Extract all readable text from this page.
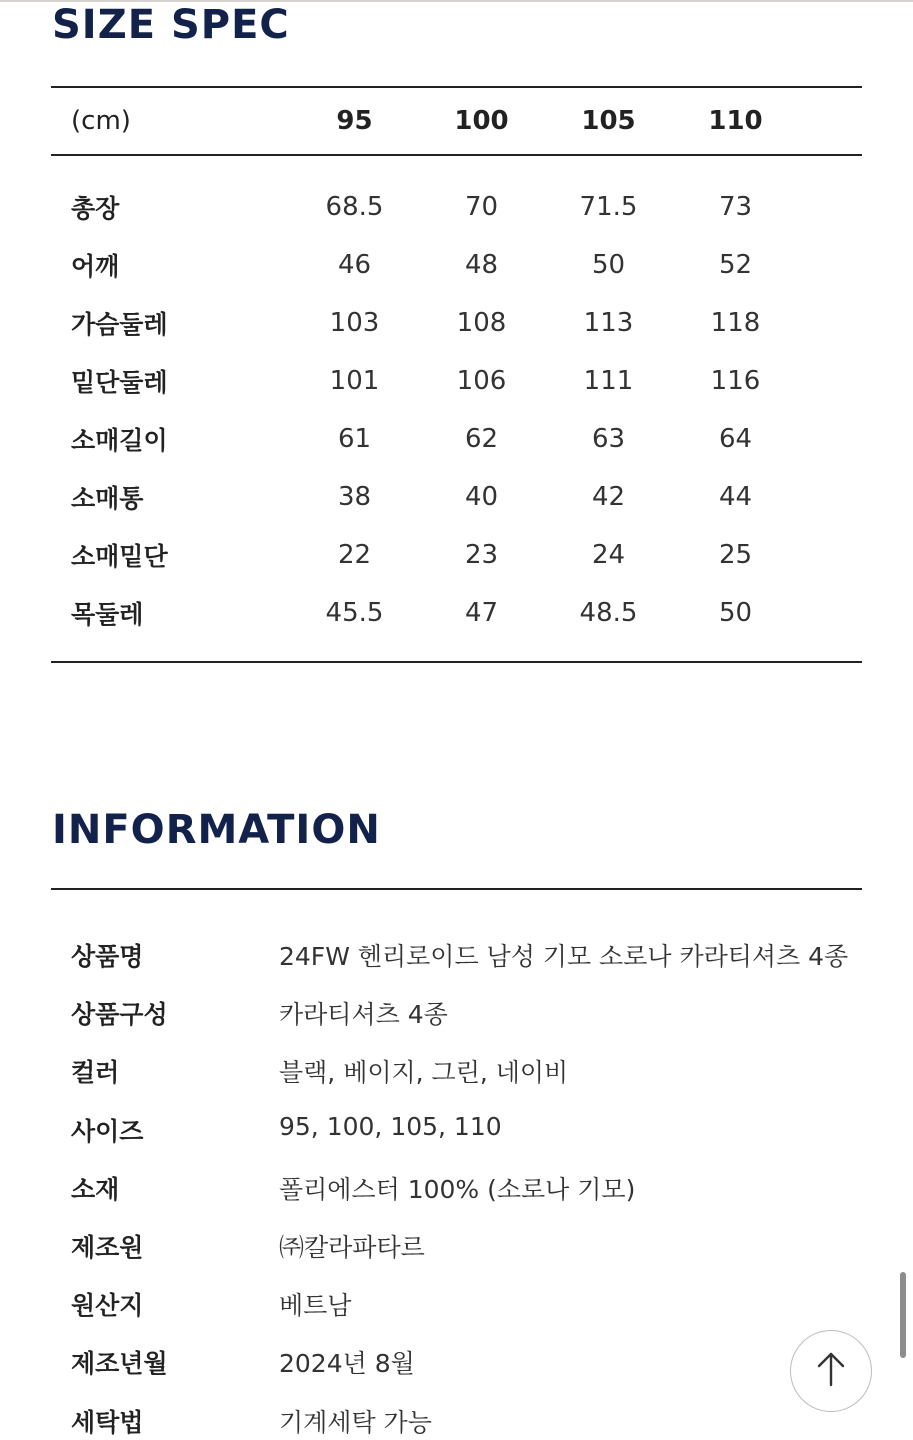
SIZE SPEC
(cm)	95	100	105	110	

총장	68.5	70	71.5	73	
어깨	46	48	50	52	
가슴둘레	103	108	113	118	
밑단둘레	101	106	111	116	
소매길이	61	62	63	64	
소매통	38	40	42	44	
소매밑단	22	23	24	25	
목둘레	45.5	47	48.5	50	
INFORMATION
상품명	24FW 헨리로이드 남성 기모 소로나 카라티셔츠 4종
상품구성	카라티셔츠 4종
컬러	블랙, 베이지, 그린, 네이비
사이즈	95, 100, 105, 110
소재	폴리에스터 100% (소로나 기모)
제조원	㈜칼라파타르
원산지	베트남
제조년월	2024년 8월
세탁법	기계세탁 가능
